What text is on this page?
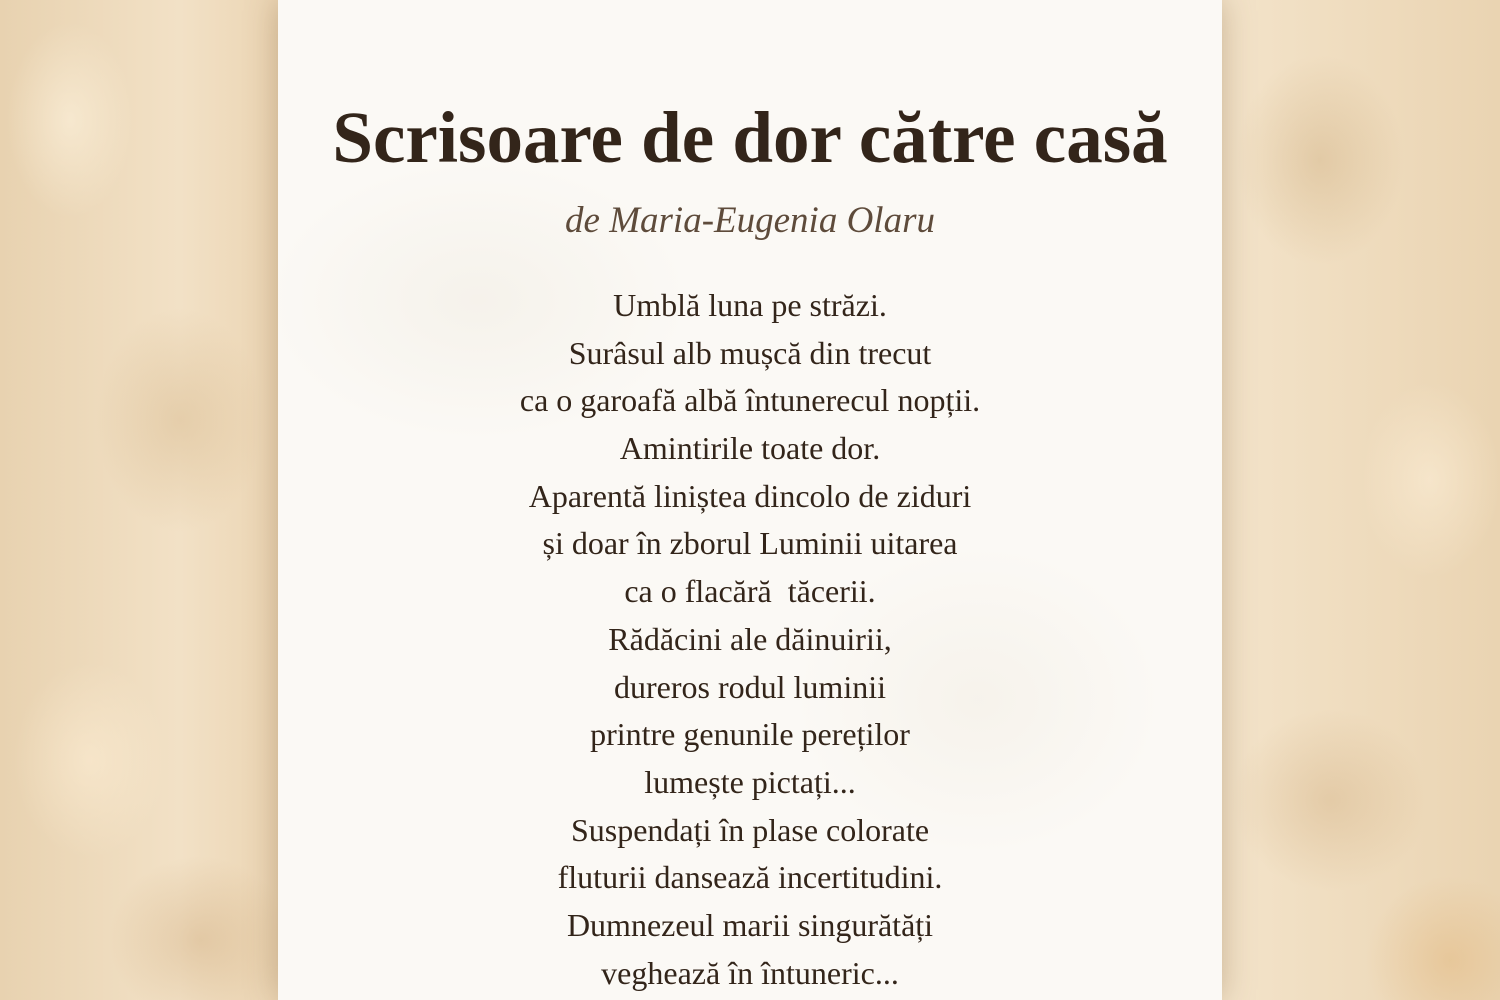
Scrisoare de dor către casă

de Maria-Eugenia Olaru

Umblă luna pe străzi.
Surâsul alb mușcă din trecut
ca o garoafă albă întunerecul nopții.
Amintirile toate dor.
Aparentă liniștea dincolo de ziduri
și doar în zborul Luminii uitarea
ca o flacără  tăcerii.
Rădăcini ale dăinuirii,
dureros rodul luminii
printre genunile pereților
lumește pictați...
Suspendați în plase colorate
fluturii dansează incertitudini.
Dumnezeul marii singurătăți
veghează în întuneric...
